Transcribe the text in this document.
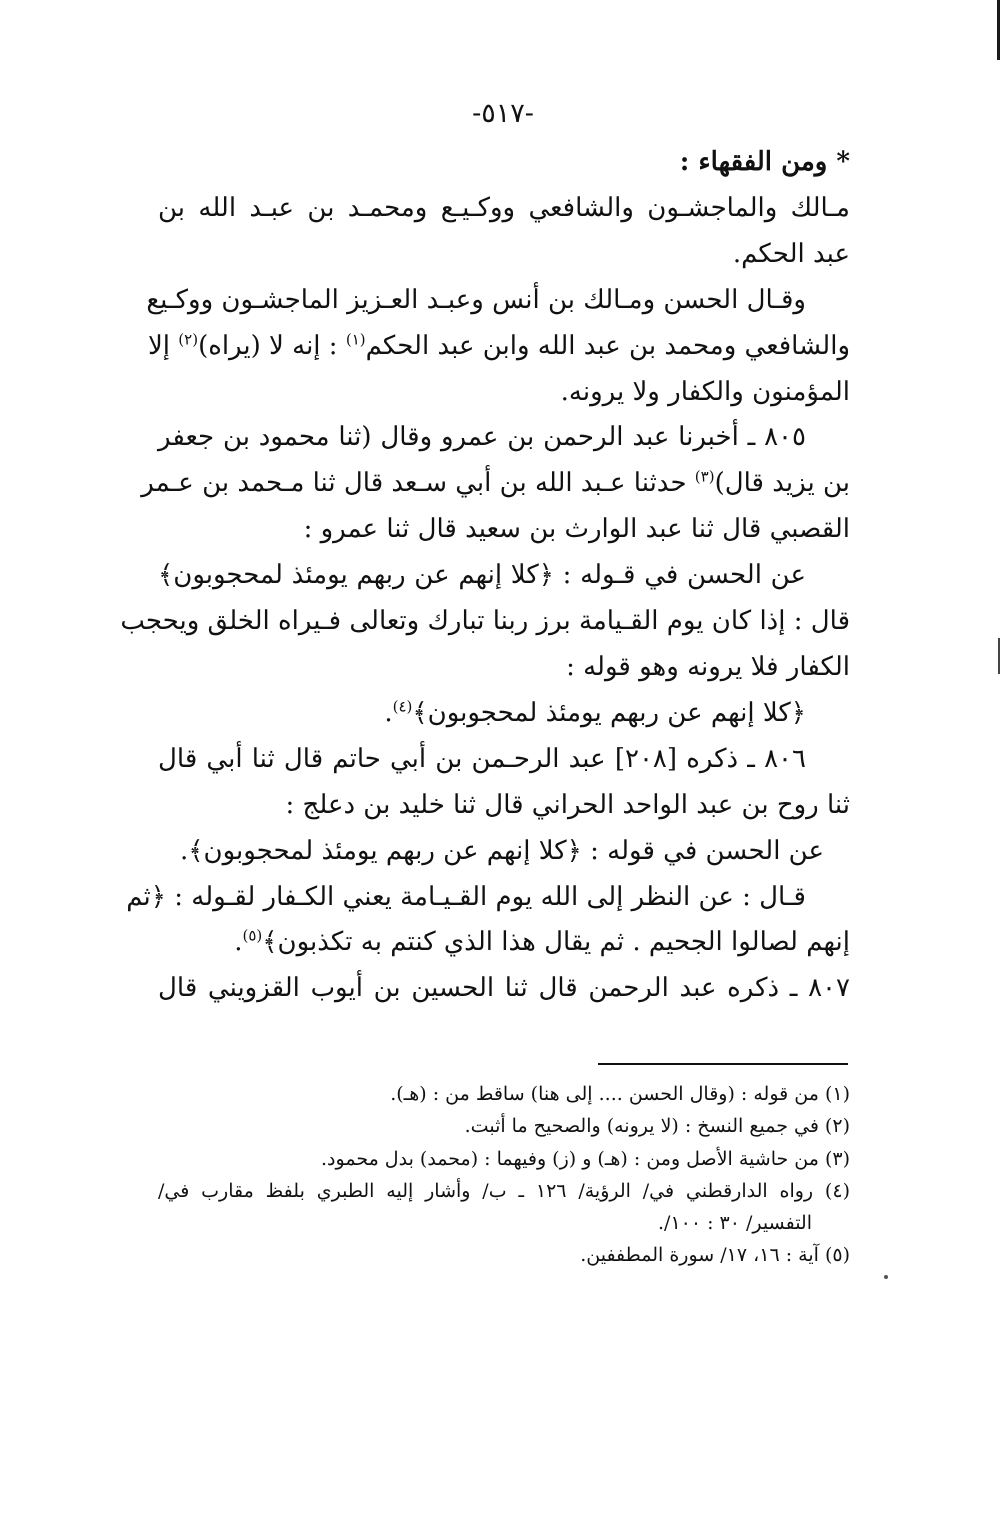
-٥١٧-
* ومن الفقهاء :
مـالك والماجشـون والشافعي ووكـيـع ومحمـد بن عبـد الله بن
عبد الحكم.
وقـال الحسن ومـالك بن أنس وعبـد العـزيز الماجشـون ووكـيع
والشافعي ومحمد بن عبد الله وابن عبد الحكم$^{(١)}$ : إنه لا (يراه)$^{(٢)}$ إلا
المؤمنون والكفار ولا يرونه.
٨٠٥ ـ أخبرنا عبد الرحمن بن عمرو وقال (ثنا محمود بن جعفر
بن يزيد قال)$^{(٣)}$ حدثنا عـبد الله بن أبي سـعد قال ثنا مـحمد بن عـمر
القصبي قال ثنا عبد الوارث بن سعيد قال ثنا عمرو :
عن الحسن في قـوله : ﴿كلا إنهم عن ربهم يومئذ لمحجوبون﴾
قال : إذا كان يوم القـيامة برز ربنا تبارك وتعالى فـيراه الخلق ويحجب
الكفار فلا يرونه وهو قوله :
﴿كلا إنهم عن ربهم يومئذ لمحجوبون﴾$^{(٤)}$.
٨٠٦ ـ ذكره [٢٠٨] عبد الرحـمن بن أبي حاتم قال ثنا أبي قال
ثنا روح بن عبد الواحد الحراني قال ثنا خليد بن دعلج :
عن الحسن في قوله : ﴿كلا إنهم عن ربهم يومئذ لمحجوبون﴾.
قـال : عن النظر إلى الله يوم القـيـامة يعني الكـفار لقـوله : ﴿ثم
إنهم لصالوا الجحيم . ثم يقال هذا الذي كنتم به تكذبون﴾$^{(٥)}$.
٨٠٧ ـ ذكره عبد الرحمن قال ثنا الحسين بن أيوب القزويني قال
(١) من قوله : (وقال الحسن .... إلى هنا) ساقط من : (هـ).
(٢) في جميع النسخ : (لا يرونه) والصحيح ما أثبت.
(٣) من حاشية الأصل ومن : (هـ) و (ز) وفيهما : (محمد) بدل محمود.
(٤) رواه الدارقطني في/ الرؤية/ ١٢٦ ـ ب/ وأشار إليه الطبري بلفظ مقارب في/
التفسير/ ٣٠ : ١٠٠/.
(٥) آية : ١٦، ١٧/ سورة المطففين.
